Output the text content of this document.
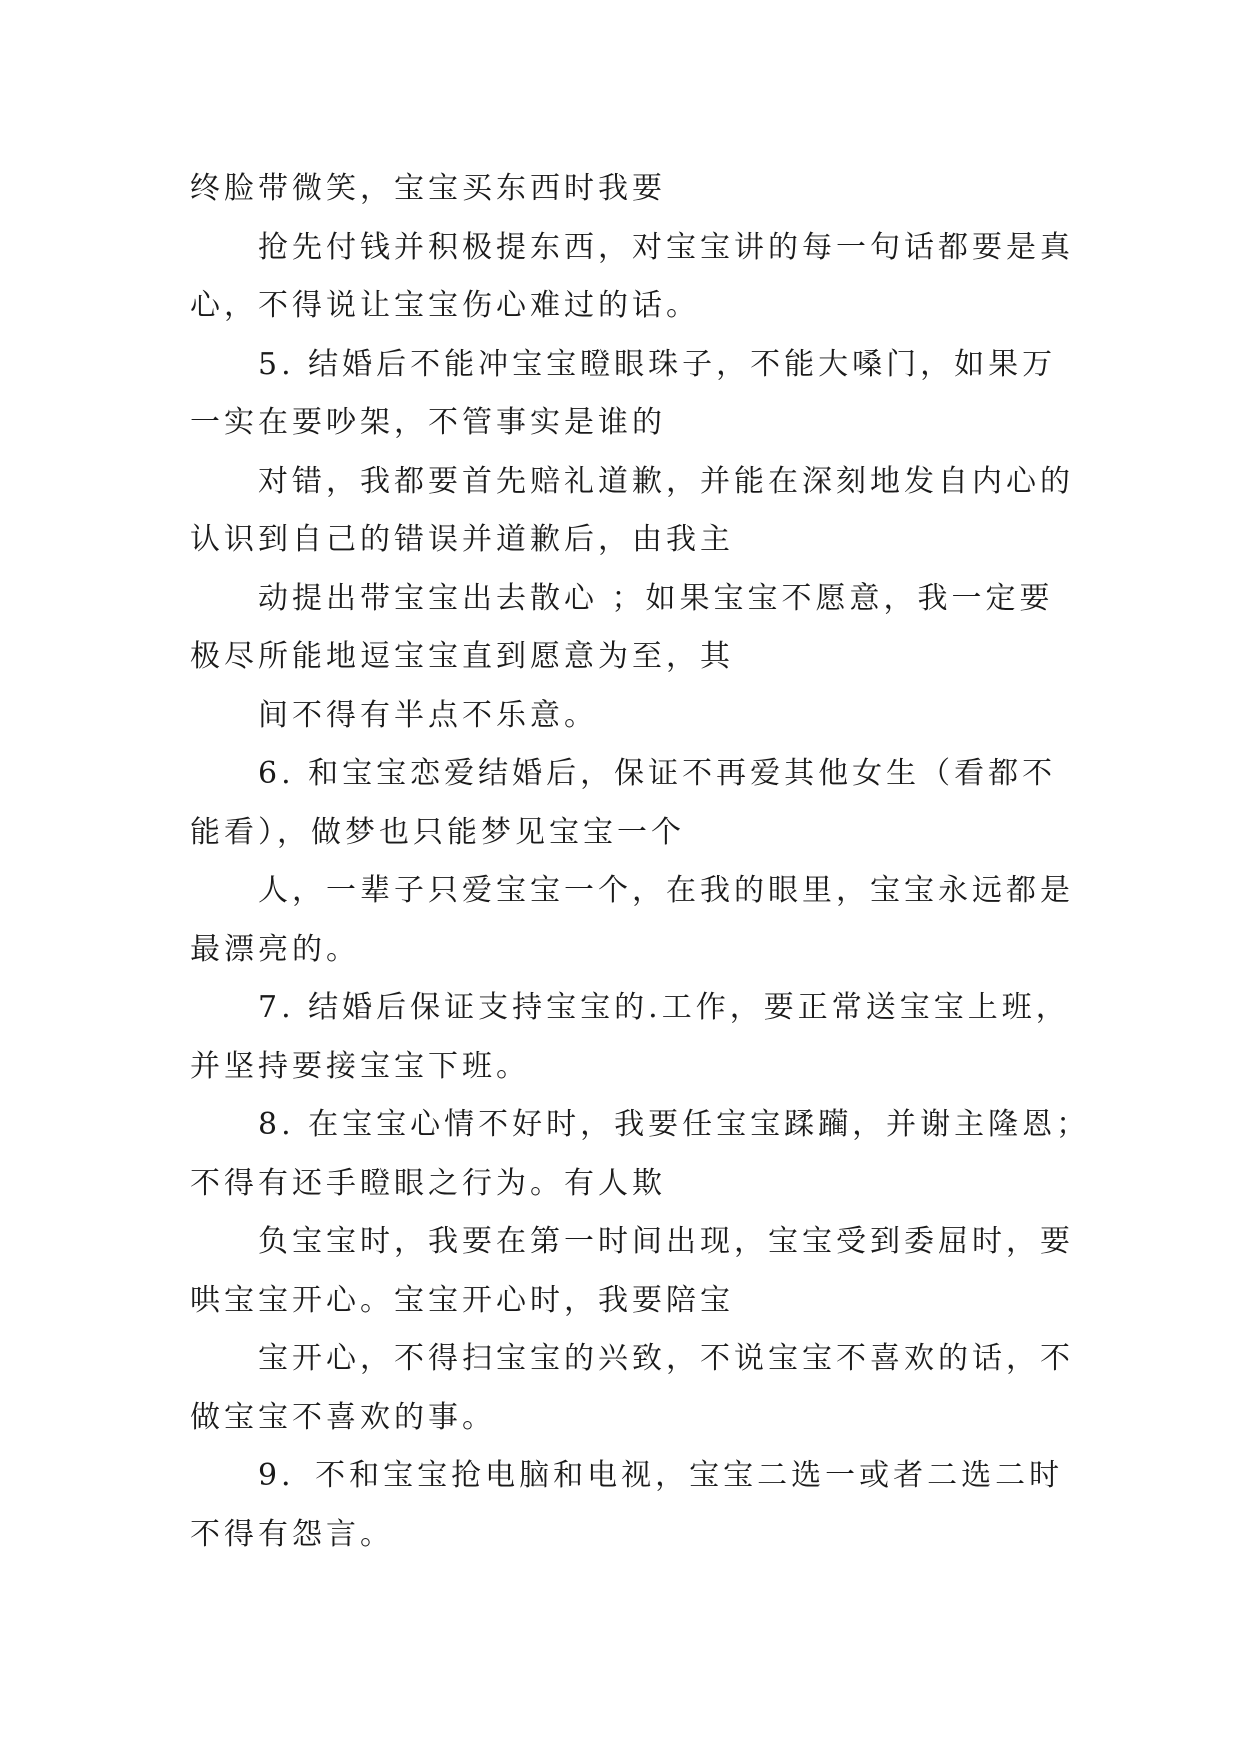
终脸带微笑，宝宝买东西时我要
抢先付钱并积极提东西，对宝宝讲的每一句话都要是真
心，不得说让宝宝伤心难过的话。
5. 结婚后不能冲宝宝瞪眼珠子，不能大嗓门，如果万
一实在要吵架，不管事实是谁的
对错，我都要首先赔礼道歉，并能在深刻地发自内心的
认识到自己的错误并道歉后，由我主
动提出带宝宝出去散心 ；如果宝宝不愿意，我一定要
极尽所能地逗宝宝直到愿意为至，其
间不得有半点不乐意。
6. 和宝宝恋爱结婚后，保证不再爱其他女生（看都不
能看），做梦也只能梦见宝宝一个
人，一辈子只爱宝宝一个，在我的眼里，宝宝永远都是
最漂亮的。
7. 结婚后保证支持宝宝的.工作，要正常送宝宝上班，
并坚持要接宝宝下班。
8. 在宝宝心情不好时，我要任宝宝蹂躏，并谢主隆恩；
不得有还手瞪眼之行为。有人欺
负宝宝时，我要在第一时间出现，宝宝受到委屈时，要
哄宝宝开心。宝宝开心时，我要陪宝
宝开心，不得扫宝宝的兴致，不说宝宝不喜欢的话，不
做宝宝不喜欢的事。
9．不和宝宝抢电脑和电视，宝宝二选一或者二选二时
不得有怨言。
